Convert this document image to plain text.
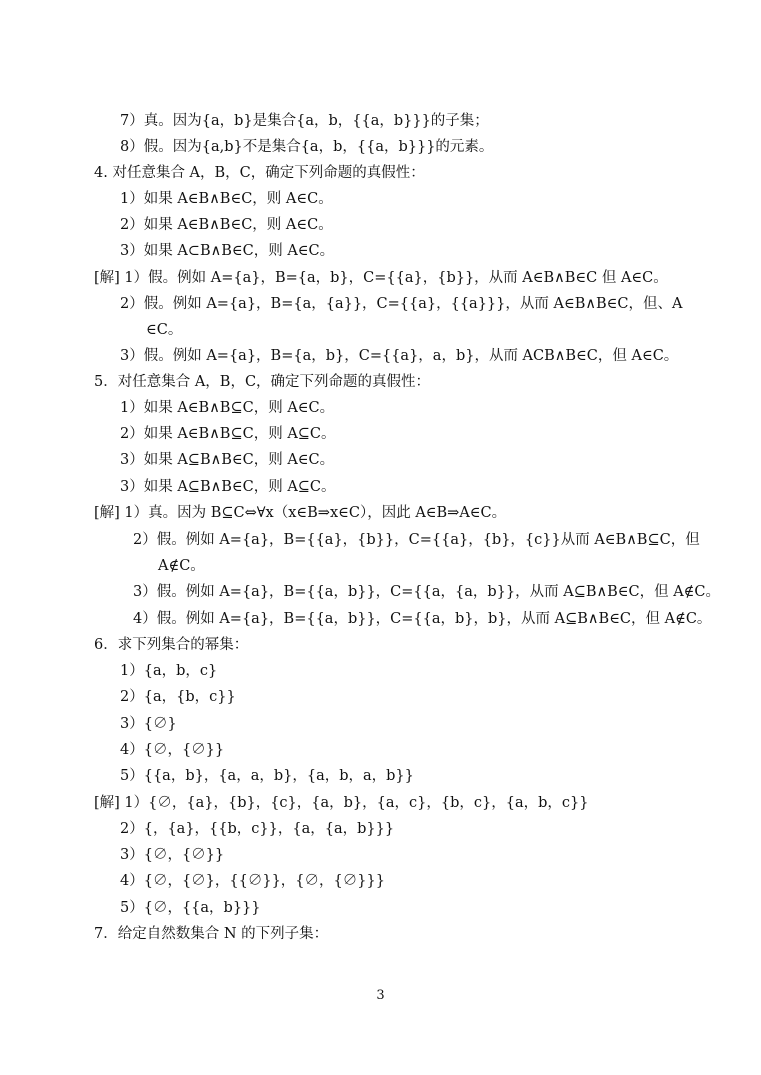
7）真。因为{a，b}是集合{a，b，{{a，b}}}的子集；
8）假。因为{a,b}不是集合{a，b，{{a，b}}}的元素。
4. 对任意集合 A，B，C，确定下列命题的真假性：
1）如果 A∈B∧B∈C，则 A∈C。
2）如果 A∈B∧B∈C，则 A∈C。
3）如果 A⊂B∧B∈C，则 A∈C。
[解] 1）假。例如 A={a}，B={a，b}，C={{a}，{b}}，从而 A∈B∧B∈C 但 A∈C。
2）假。例如 A={a}，B={a，{a}}，C={{a}，{{a}}}，从而 A∈B∧B∈C，但、A
∈C。
3）假。例如 A={a}，B={a，b}，C={{a}，a，b}，从而 ACB∧B∈C，但 A∈C。
5．对任意集合 A，B，C，确定下列命题的真假性：
1）如果 A∈B∧B⊆C，则 A∈C。
2）如果 A∈B∧B⊆C，则 A⊆C。
3）如果 A⊆B∧B∈C，则 A∈C。
3）如果 A⊆B∧B∈C，则 A⊆C。
[解] 1）真。因为 B⊆C⇔∀x（x∈B⇒x∈C），因此 A∈B⇒A∈C。
2）假。例如 A={a}，B={{a}，{b}}，C={{a}，{b}，{c}}从而 A∈B∧B⊆C，但
A∉C。
3）假。例如 A={a}，B={{a，b}}，C={{a，{a，b}}，从而 A⊆B∧B∈C，但 A∉C。
4）假。例如 A={a}，B={{a，b}}，C={{a，b}，b}，从而 A⊆B∧B∈C，但 A∉C。
6．求下列集合的幂集：
1）{a，b，c}
2）{a，{b，c}}
3）{∅}
4）{∅，{∅}}
5）{{a，b}，{a，a，b}，{a，b，a，b}}
[解] 1）{∅，{a}，{b}，{c}，{a，b}，{a，c}，{b，c}，{a，b，c}}
2）{，{a}，{{b，c}}，{a，{a，b}}}
3）{∅，{∅}}
4）{∅，{∅}，{{∅}}，{∅，{∅}}}
5）{∅，{{a，b}}}
7．给定自然数集合 N 的下列子集：
3
